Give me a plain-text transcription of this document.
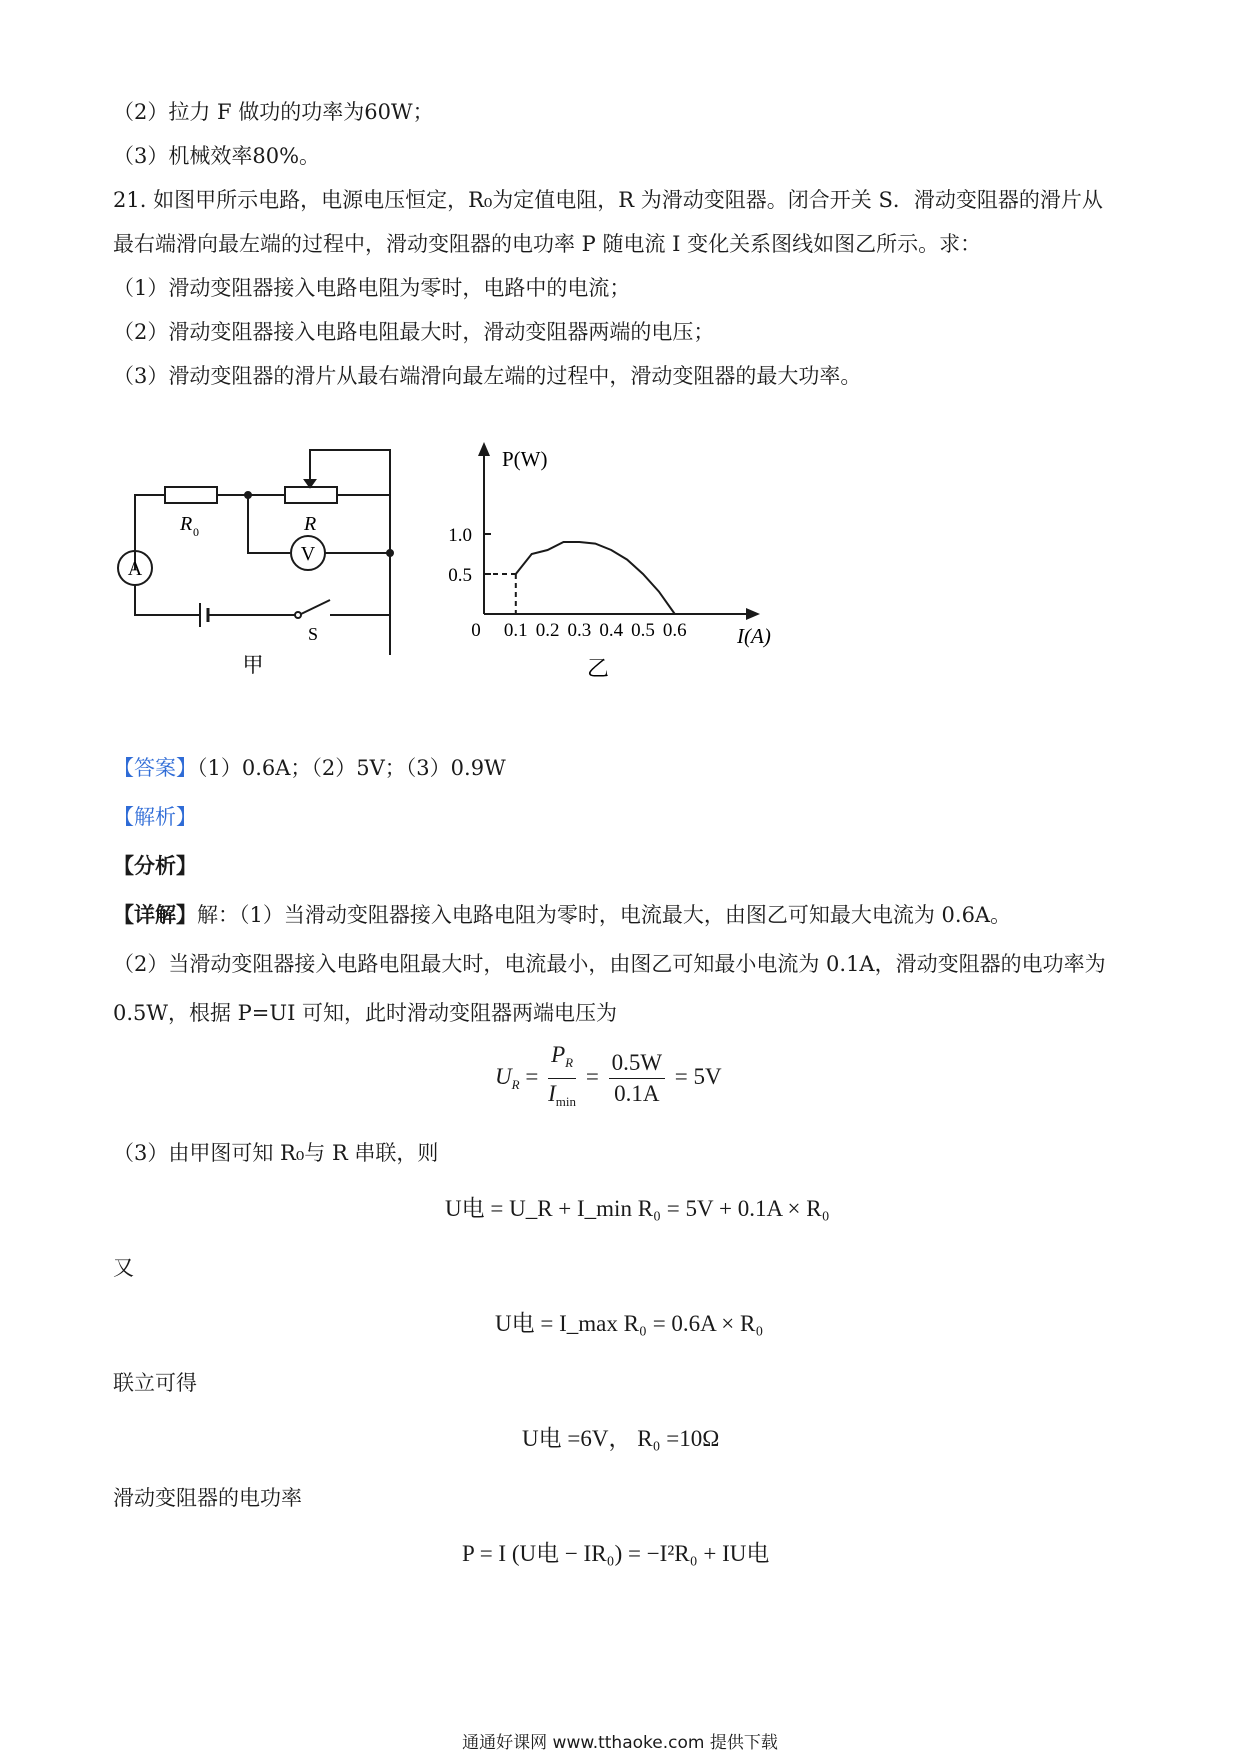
（2）拉力 F 做功的功率为60W；
（3）机械效率80%。
21. 如图甲所示电路，电源电压恒定，R₀为定值电阻，R 为滑动变阻器。闭合开关 S．滑动变阻器的滑片从
最右端滑向最左端的过程中，滑动变阻器的电功率 P 随电流 I 变化关系图线如图乙所示。求：
（1）滑动变阻器接入电路电阻为零时，电路中的电流；
（2）滑动变阻器接入电路电阻最大时，滑动变阻器两端的电压；
（3）滑动变阻器的滑片从最右端滑向最左端的过程中，滑动变阻器的最大功率。
R 0	R
A
V
S
甲
0 0.1 0.2 0.3 0.4 0.5 0.6
0.5
1.0
P(W)
I(A)
乙
【答案】（1）0.6A；（2）5V；（3）0.9W
【解析】
【分析】
【详解】解：（1）当滑动变阻器接入电路电阻为零时，电流最大，由图乙可知最大电流为 0.6A。
（2）当滑动变阻器接入电路电阻最大时，电流最小，由图乙可知最小电流为 0.1A，滑动变阻器的电功率为
0.5W，根据 P=UI 可知，此时滑动变阻器两端电压为
$U_R = \frac{P_R}{I_{min}} = \frac{0.5W}{0.1A} = 5V$
（3）由甲图可知 R₀与 R 串联，则
U电 = U_R + I_min R₀ = 5V + 0.1A × R₀
又
U电 = I_max R₀ = 0.6A × R₀
联立可得
U电 =6V， R₀ =10Ω
滑动变阻器的电功率
P = I (U电 − IR₀) = −I²R₀ + IU电
通通好课网 www.tthaoke.com 提供下载
